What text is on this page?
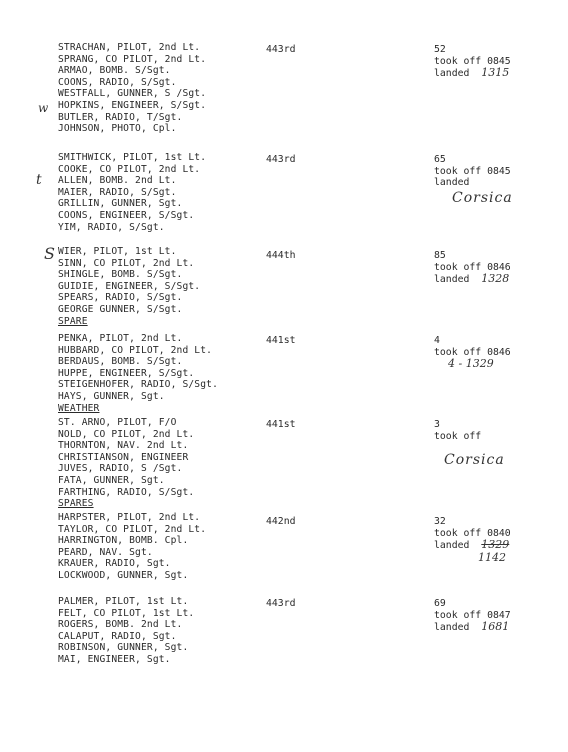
STRACHAN, PILOT, 2nd Lt.
SPRANG, CO PILOT, 2nd Lt.
ARMAO, BOMB. S/Sgt.
COONS, RADIO, S/Sgt.
WESTFALL, GUNNER, S /Sgt.
HOPKINS, ENGINEER, S/Sgt.
BUTLER, RADIO, T/Sgt.
JOHNSON, PHOTO, Cpl.
443rd	52
took off 0845
landed 1315
SMITHWICK, PILOT, 1st Lt.
COOKE, CO PILOT, 2nd Lt.
ALLEN, BOMB. 2nd Lt.
MAIER, RADIO, S/Sgt.
GRILLIN, GUNNER, Sgt.
COONS, ENGINEER, S/Sgt.
YIM, RADIO, S/Sgt.
443rd	65
took off 0845
landed
Corsica
WIER, PILOT, 1st Lt.
SINN, CO PILOT, 2nd Lt.
SHINGLE, BOMB. S/Sgt.
GUIDIE, ENGINEER, S/Sgt.
SPEARS, RADIO, S/Sgt.
GEORGE GUNNER, S/Sgt.
SPARE
444th	85
took off 0846
landed 1328
PENKA, PILOT, 2nd Lt.
HUBBARD, CO PILOT, 2nd Lt.
BERDAUS, BOMB. S/Sgt.
HUPPE, ENGINEER, S/Sgt.
STEIGENHOFER, RADIO, S/Sgt.
HAYS, GUNNER, Sgt.
WEATHER
441st	4
took off 0846
4 - 1329
ST. ARNO, PILOT, F/O
NOLD, CO PILOT, 2nd Lt.
THORNTON, NAV. 2nd Lt.
CHRISTIANSON, ENGINEER
JUVES, RADIO, S /Sgt.
FATA, GUNNER, Sgt.
FARTHING, RADIO, S/Sgt.
SPARES
441st	3
took off
Corsica
HARPSTER, PILOT, 2nd Lt.
TAYLOR, CO PILOT, 2nd Lt.
HARRINGTON, BOMB. Cpl.
PEARD, NAV. Sgt.
KRAUER, RADIO, Sgt.
LOCKWOOD, GUNNER, Sgt.
442nd	32
took off 0840
landed 1329
1142
PALMER, PILOT, 1st Lt.
FELT, CO PILOT, 1st Lt.
ROGERS, BOMB. 2nd Lt.
CALAPUT, RADIO, Sgt.
ROBINSON, GUNNER, Sgt.
MAI, ENGINEER, Sgt.
443rd	69
took off 0847
landed 1681
w
t
S
